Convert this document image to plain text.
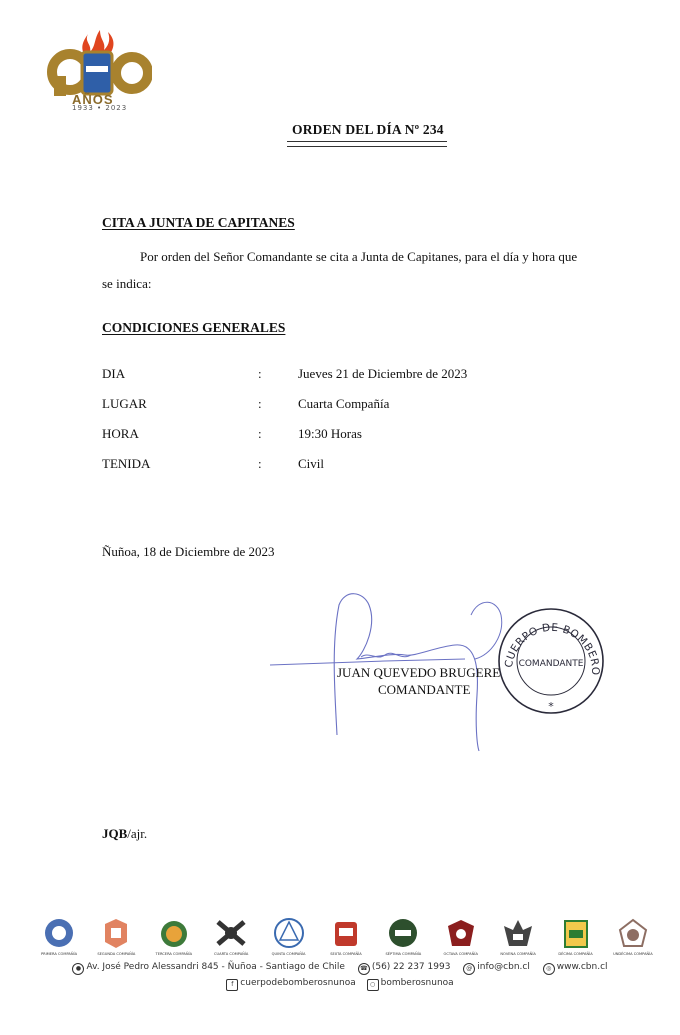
AÑOS
1933 • 2023
ORDEN DEL DÍA Nº 234
CITA A JUNTA DE CAPITANES
Por orden del Señor Comandante se cita a Junta de Capitanes, para el día y hora que
se indica:
CONDICIONES GENERALES
DIA	:	Jueves 21 de Diciembre de 2023
LUGAR	:	Cuarta Compañía
HORA	:	19:30 Horas
TENIDA	:	Civil
Ñuñoa, 18 de Diciembre de 2023
CUERPO DE BOMBERO
COMANDANTE
*
JUAN QUEVEDO BRUGERE
COMANDANTE
JQB/ajr.
PRIMERA COMPAÑÍA	SEGUNDA COMPAÑÍA	TERCERA COMPAÑÍA	CUARTA COMPAÑÍA	QUINTA COMPAÑÍA	SEXTA COMPAÑÍA	SÉPTIMA COMPAÑÍA	OCTAVA COMPAÑÍA	NOVENA COMPAÑÍA	DÉCIMA COMPAÑÍA	UNDÉCIMA COMPAÑÍA
● Av. José Pedro Alessandri 845 - Ñuñoa - Santiago de Chile	☎ (56) 22 237 1993	@ info@cbn.cl	◎ www.cbn.cl
f cuerpodebomberosnunoa ○ bomberosnunoa
